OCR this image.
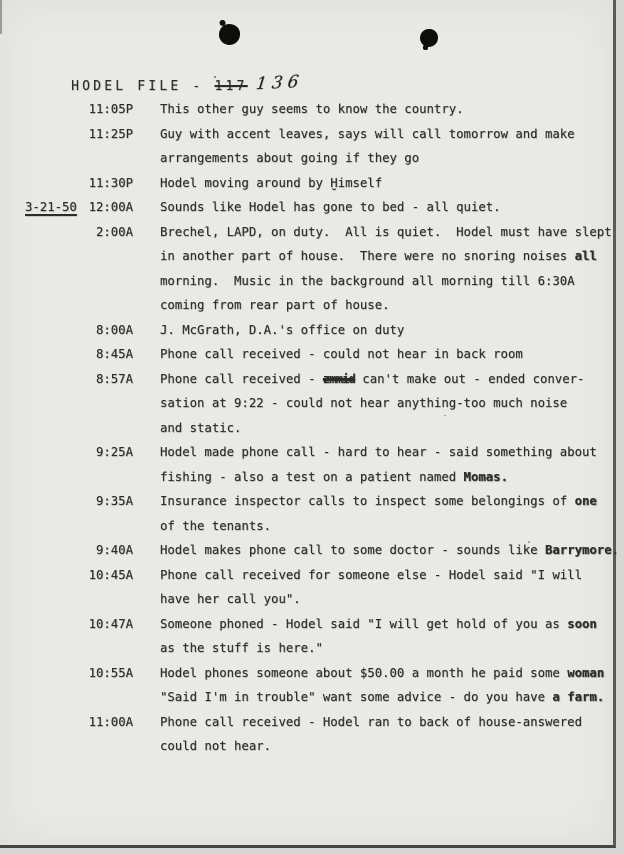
HODEL FILE - 117 136

11:05P This other guy seems to know the country.
11:25P Guy with accent leaves, says will call tomorrow and make
arrangements about going if they go
11:30P Hodel moving around by Ḫimself
3-21-50 12:00A Sounds like Hodel has gone to bed - all quiet.
2:00A Brechel, LAPD, on duty.  All is quiet.  Hodel must have slept
in another part of house.  There were no snoring noises all
morning.  Music in the background all morning till 6:30A
coming from rear part of house.
8:00A J. McGrath, D.A.'s office on duty
8:45A Phone call received - could not hear in back room
8:57A Phone call received - zmmid can't make out - ended conver-
sation at 9:22 - could not hear anything-too much noise
and static.
9:25A Hodel made phone call - hard to hear - said something about
fishing - also a test on a patient named Momas.
9:35A Insurance inspector calls to inspect some belongings of one
of the tenants.
9:40A Hodel makes phone call to some doctor - sounds like Barrymore.
10:45A Phone call received for someone else - Hodel said "I will
have her call you".
10:47A Someone phoned - Hodel said "I will get hold of you as soon
as the stuff is here."
10:55A Hodel phones someone about $50.00 a month he paid some woman
"Said I'm in trouble" want some advice - do you have a farm.
11:00A Phone call received - Hodel ran to back of house-answered
could not hear.
